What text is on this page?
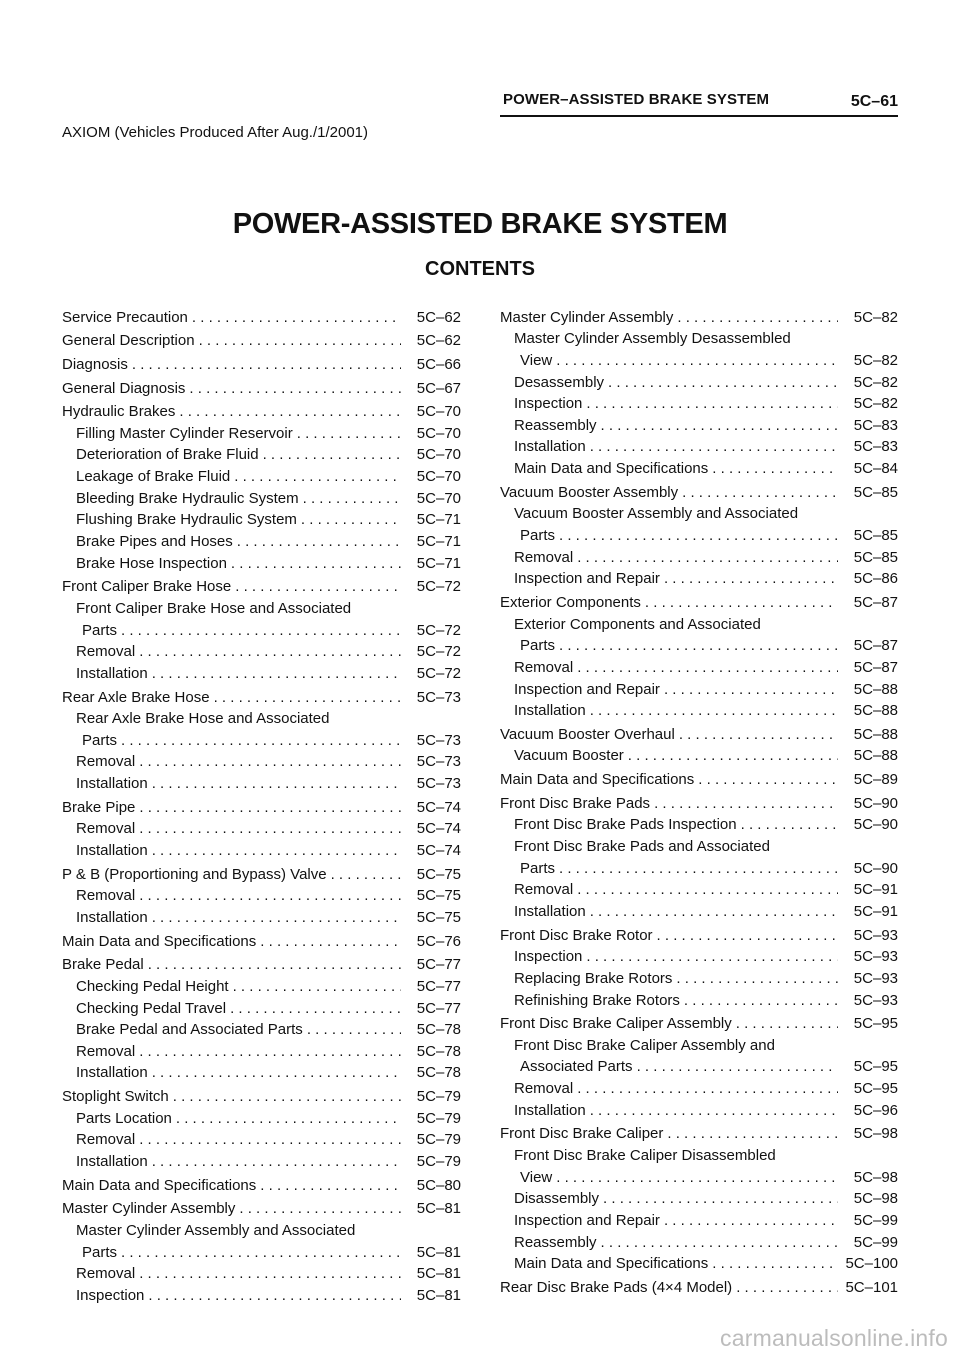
POWER–ASSISTED BRAKE SYSTEM	5C–61
AXIOM (Vehicles Produced After Aug./1/2001)
POWER-ASSISTED BRAKE SYSTEM
CONTENTS
Service Precaution . . .	5C–62
General Description . . .	5C–62
Diagnosis . . .	5C–66
General Diagnosis . . .	5C–67
Hydraulic Brakes . . .	5C–70
Filling Master Cylinder Reservoir . . .	5C–70
Deterioration of Brake Fluid . . .	5C–70
Leakage of Brake Fluid . . .	5C–70
Bleeding Brake Hydraulic System . . .	5C–70
Flushing Brake Hydraulic System . . .	5C–71
Brake Pipes and Hoses . . .	5C–71
Brake Hose Inspection . . .	5C–71
Front Caliper Brake Hose . . .	5C–72
Front Caliper Brake Hose and Associated
Parts . . .	5C–72
Removal . . .	5C–72
Installation . . .	5C–72
Rear Axle Brake Hose . . .	5C–73
Rear Axle Brake Hose and Associated
Parts . . .	5C–73
Removal . . .	5C–73
Installation . . .	5C–73
Brake Pipe . . .	5C–74
Removal . . .	5C–74
Installation . . .	5C–74
P & B (Proportioning and Bypass) Valve . . .	5C–75
Removal . . .	5C–75
Installation . . .	5C–75
Main Data and Specifications . . .	5C–76
Brake Pedal . . .	5C–77
Checking Pedal Height . . .	5C–77
Checking Pedal Travel . . .	5C–77
Brake Pedal and Associated Parts . . .	5C–78
Removal . . .	5C–78
Installation . . .	5C–78
Stoplight Switch . . .	5C–79
Parts Location . . .	5C–79
Removal . . .	5C–79
Installation . . .	5C–79
Main Data and Specifications . . .	5C–80
Master Cylinder Assembly . . .	5C–81
Master Cylinder Assembly and Associated
Parts . . .	5C–81
Removal . . .	5C–81
Inspection . . .	5C–81
Master Cylinder Assembly . . .	5C–82
Master Cylinder Assembly Desassembled
View . . .	5C–82
Desassembly . . .	5C–82
Inspection . . .	5C–82
Reassembly . . .	5C–83
Installation . . .	5C–83
Main Data and Specifications . . .	5C–84
Vacuum Booster Assembly . . .	5C–85
Vacuum Booster Assembly and Associated
Parts . . .	5C–85
Removal . . .	5C–85
Inspection and Repair . . .	5C–86
Exterior Components . . .	5C–87
Exterior Components and Associated
Parts . . .	5C–87
Removal . . .	5C–87
Inspection and Repair . . .	5C–88
Installation . . .	5C–88
Vacuum Booster Overhaul . . .	5C–88
Vacuum Booster . . .	5C–88
Main Data and Specifications . . .	5C–89
Front Disc Brake Pads . . .	5C–90
Front Disc Brake Pads Inspection . . .	5C–90
Front Disc Brake Pads and Associated
Parts . . .	5C–90
Removal . . .	5C–91
Installation . . .	5C–91
Front Disc Brake Rotor . . .	5C–93
Inspection . . .	5C–93
Replacing Brake Rotors . . .	5C–93
Refinishing Brake Rotors . . .	5C–93
Front Disc Brake Caliper Assembly . . .	5C–95
Front Disc Brake Caliper Assembly and
Associated Parts . . .	5C–95
Removal . . .	5C–95
Installation . . .	5C–96
Front Disc Brake Caliper . . .	5C–98
Front Disc Brake Caliper Disassembled
View . . .	5C–98
Disassembly . . .	5C–98
Inspection and Repair . . .	5C–99
Reassembly . . .	5C–99
Main Data and Specifications . . .	5C–100
Rear Disc Brake Pads (4×4 Model) . . .	5C–101
carmanualsonline.info
